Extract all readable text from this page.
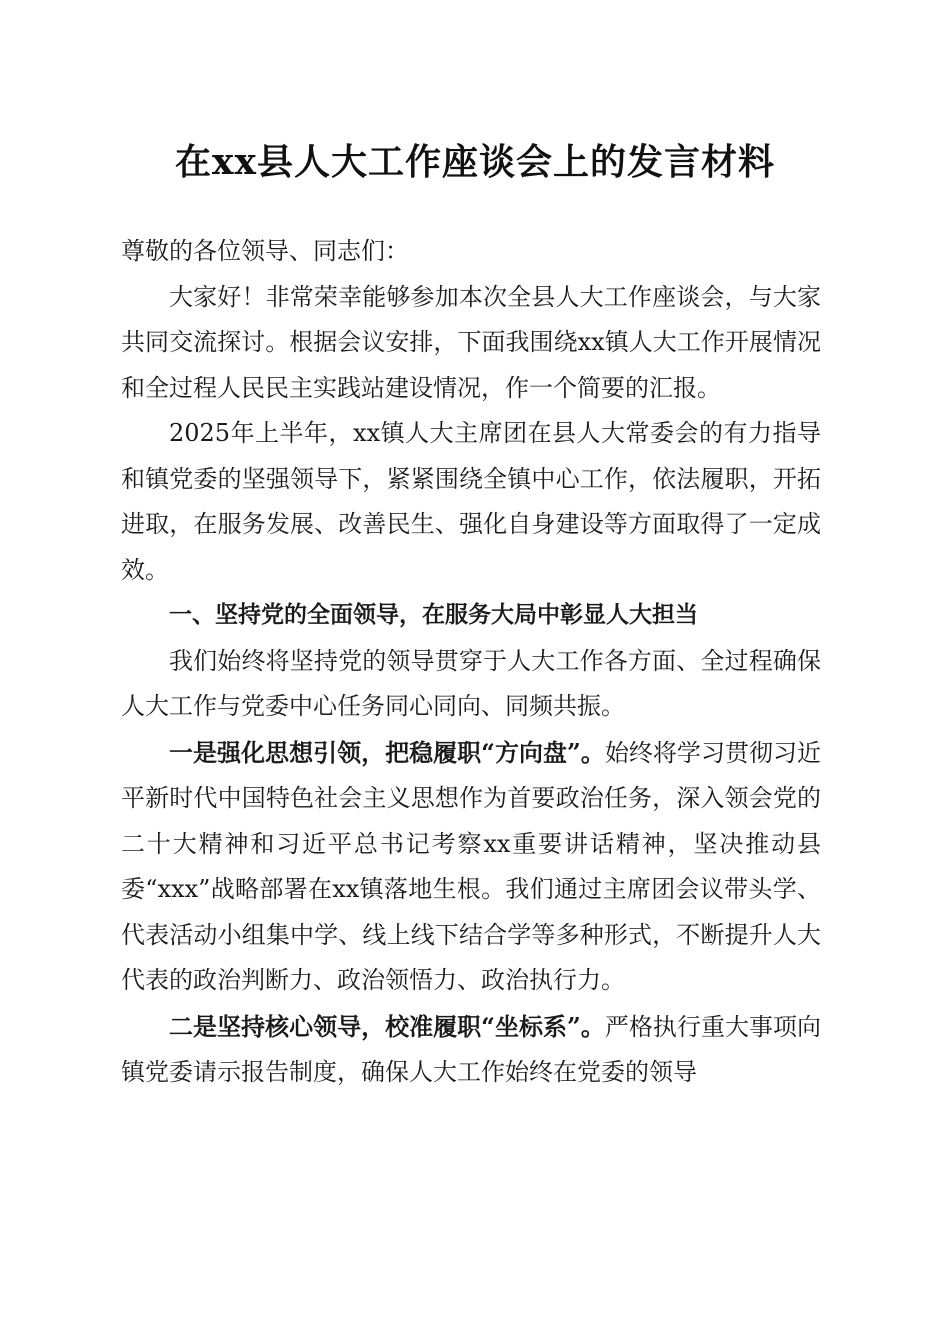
在xx县人大工作座谈会上的发言材料

尊敬的各位领导、同志们：

大家好！非常荣幸能够参加本次全县人大工作座谈会，与大家共同交流探讨。根据会议安排，下面我围绕xx镇人大工作开展情况和全过程人民民主实践站建设情况，作一个简要的汇报。

2025年上半年，xx镇人大主席团在县人大常委会的有力指导和镇党委的坚强领导下，紧紧围绕全镇中心工作，依法履职，开拓进取，在服务发展、改善民生、强化自身建设等方面取得了一定成效。

一、坚持党的全面领导，在服务大局中彰显人大担当

我们始终将坚持党的领导贯穿于人大工作各方面、全过程确保人大工作与党委中心任务同心同向、同频共振。

一是强化思想引领，把稳履职“方向盘”。始终将学习贯彻习近平新时代中国特色社会主义思想作为首要政治任务，深入领会党的二十大精神和习近平总书记考察xx重要讲话精神，坚决推动县委“xxx”战略部署在xx镇落地生根。我们通过主席团会议带头学、代表活动小组集中学、线上线下结合学等多种形式，不断提升人大代表的政治判断力、政治领悟力、政治执行力。

二是坚持核心领导，校准履职“坐标系”。严格执行重大事项向镇党委请示报告制度，确保人大工作始终在党委的领导
